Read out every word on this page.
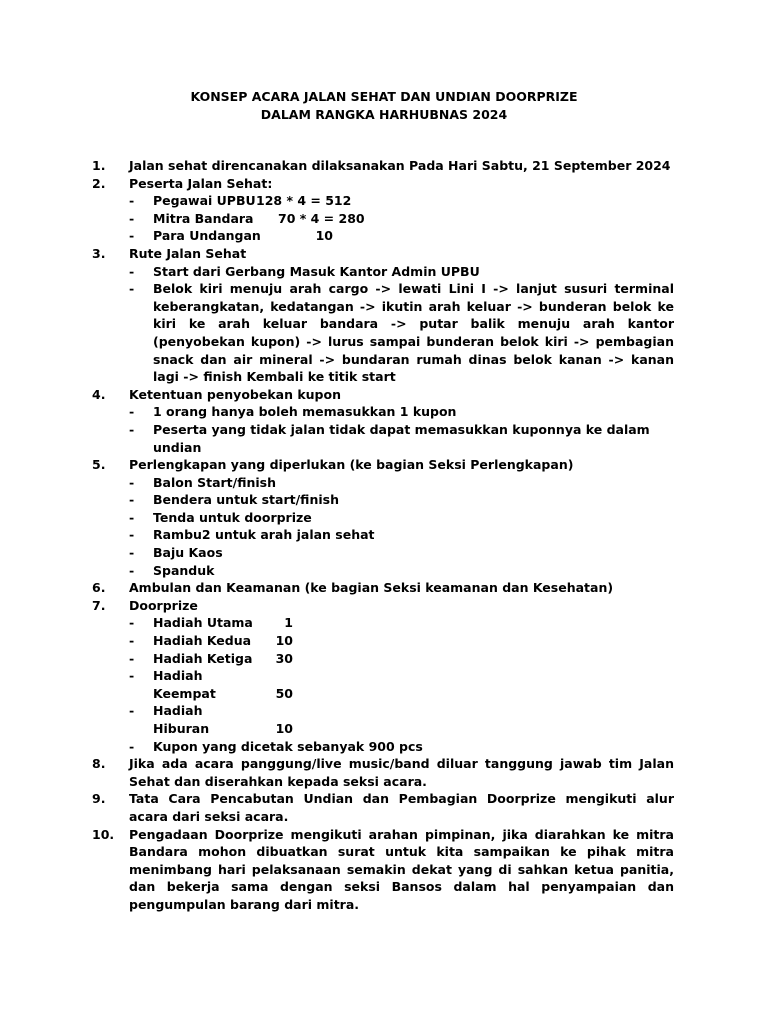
KONSEP ACARA JALAN SEHAT DAN UNDIAN DOORPRIZE
DALAM RANGKA HARHUBNAS 2024
1. Jalan sehat direncanakan dilaksanakan Pada Hari Sabtu, 21 September 2024
2. Peserta Jalan Sehat:
- Pegawai UPBU128 * 4 = 512
- Mitra Bandara 70 * 4 = 280
- Para Undangan	10
3. Rute Jalan Sehat
- Start dari Gerbang Masuk Kantor Admin UPBU
- Belok kiri menuju arah cargo -> lewati Lini I -> lanjut susuri terminal keberangkatan, kedatangan -> ikutin arah keluar -> bunderan belok ke kiri ke arah keluar bandara -> putar balik menuju arah kantor (penyobekan kupon) -> lurus sampai bunderan belok kiri -> pembagian snack dan air mineral -> bundaran rumah dinas belok kanan -> kanan lagi -> finish Kembali ke titik start
4. Ketentuan penyobekan kupon
- 1 orang hanya boleh memasukkan 1 kupon
- Peserta yang tidak jalan tidak dapat memasukkan kuponnya ke dalam undian
5. Perlengkapan yang diperlukan (ke bagian Seksi Perlengkapan)
- Balon Start/finish
- Bendera untuk start/finish
- Tenda untuk doorprize
- Rambu2 untuk arah jalan sehat
- Baju Kaos
- Spanduk
6. Ambulan dan Keamanan (ke bagian Seksi keamanan dan Kesehatan)
7. Doorprize
- Hadiah Utama	1
- Hadiah Kedua 10
- Hadiah Ketiga 30
- Hadiah Keempat	50
- Hadiah Hiburan	10
- Kupon yang dicetak sebanyak 900 pcs
8. Jika ada acara panggung/live music/band diluar tanggung jawab tim Jalan Sehat dan diserahkan kepada seksi acara.
9. Tata Cara Pencabutan Undian dan Pembagian Doorprize mengikuti alur acara dari seksi acara.
10. Pengadaan Doorprize mengikuti arahan pimpinan, jika diarahkan ke mitra Bandara mohon dibuatkan surat untuk kita sampaikan ke pihak mitra menimbang hari pelaksanaan semakin dekat yang di sahkan ketua panitia, dan bekerja sama dengan seksi Bansos dalam hal penyampaian dan pengumpulan barang dari mitra.
